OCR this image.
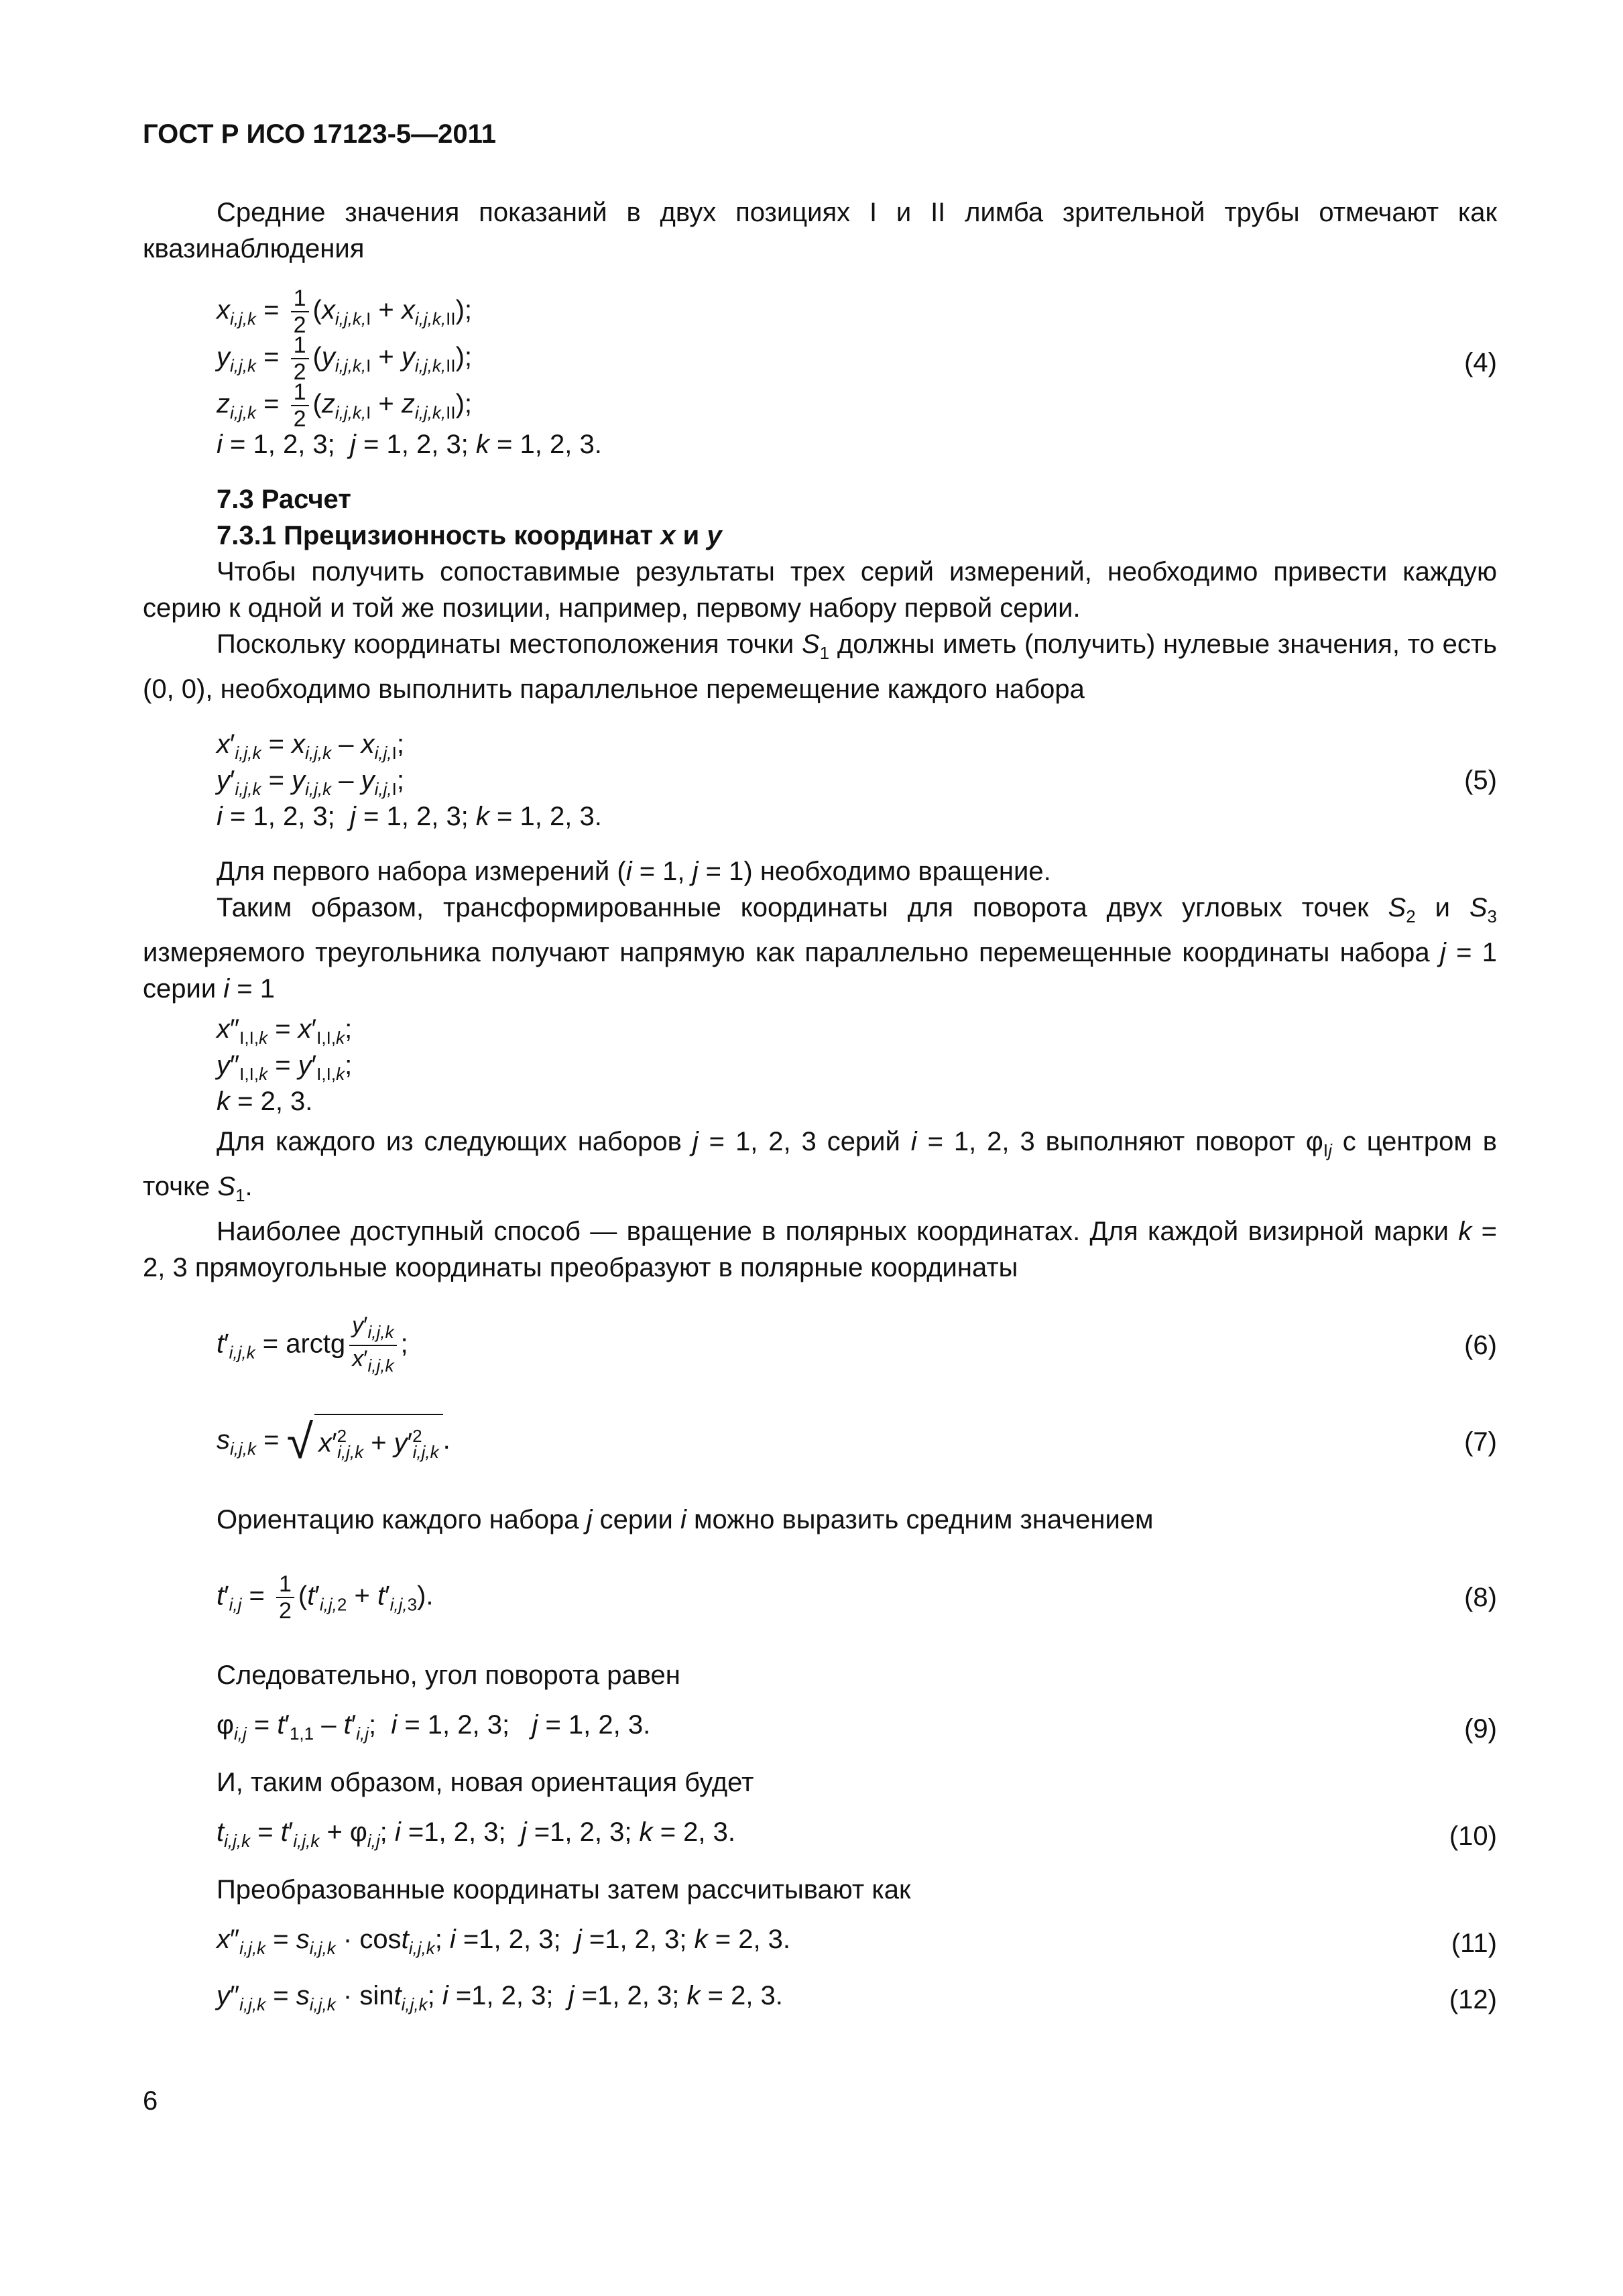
ГОСТ Р ИСО 17123-5—2011

Средние значения показаний в двух позициях I и II лимба зрительной трубы отмечают как квазинаблюдения

$x_{i,j,k} = \frac{1}{2} (x_{i,j,k,I} + x_{i,j,k,II})$;
$y_{i,j,k} = \frac{1}{2} (y_{i,j,k,I} + y_{i,j,k,II})$;
$z_{i,j,k} = \frac{1}{2} (z_{i,j,k,I} + z_{i,j,k,II})$;
i = 1, 2, 3;  j = 1, 2, 3; k = 1, 2, 3.
(4)

7.3 Расчет

7.3.1 Прецизионность координат x и y

Чтобы получить сопоставимые результаты трех серий измерений, необходимо привести каждую серию к одной и той же позиции, например, первому набору первой серии.

Поскольку координаты местоположения точки $S_1$ должны иметь (получить) нулевые значения, то есть (0, 0), необходимо выполнить параллельное перемещение каждого набора

$x'_{i,j,k} = x_{i,j,k} - x_{i,j,I}$;
$y'_{i,j,k} = y_{i,j,k} - y_{i,j,I}$;
i = 1, 2, 3;  j = 1, 2, 3; k = 1, 2, 3.
(5)

Для первого набора измерений (i = 1, j = 1) необходимо вращение.

Таким образом, трансформированные координаты для поворота двух угловых точек $S_2$ и $S_3$ измеряемого треугольника получают напрямую как параллельно перемещенные координаты набора j = 1 серии i = 1

$x''_{I,I,k} = x'_{I,I,k}$;
$y''_{I,I,k} = y'_{I,I,k}$;
k = 2, 3.

Для каждого из следующих наборов j = 1, 2, 3 серий i = 1, 2, 3 выполняют поворот $\varphi_{Ij}$ с центром в точке $S_1$.

Наиболее доступный способ — вращение в полярных координатах. Для каждой визирной марки k = 2, 3 прямоугольные координаты преобразуют в полярные координаты

$t'_{i,j,k}$ = arctg $\frac{y'_{i,j,k}}{x'_{i,j,k}}$ ;	(6)
$s_{i,j,k}$ = √ $x'^2_{i,j,k} + y'^2_{i,j,k}$ .	(7)

Ориентацию каждого набора j серии i можно выразить средним значением

$t'_{i,j} = \frac{1}{2} (t'_{i,j,2} + t'_{i,j,3})$.	(8)

Следовательно, угол поворота равен

$\varphi_{i,j} = t'_{1,1} - t'_{i,j}$;  i = 1, 2, 3;   j = 1, 2, 3.	(9)

И, таким образом, новая ориентация будет

$t_{i,j,k} = t'_{i,j,k} + \varphi_{i,j}$; i =1, 2, 3;  j =1, 2, 3; k = 2, 3.	(10)

Преобразованные координаты затем рассчитывают как

$x''_{i,j,k} = s_{i,j,k} \cdot \cos t_{i,j,k}$; i =1, 2, 3;  j =1, 2, 3; k = 2, 3.	(11)
$y''_{i,j,k} = s_{i,j,k} \cdot \sin t_{i,j,k}$; i =1, 2, 3;  j =1, 2, 3; k = 2, 3.	(12)
6
